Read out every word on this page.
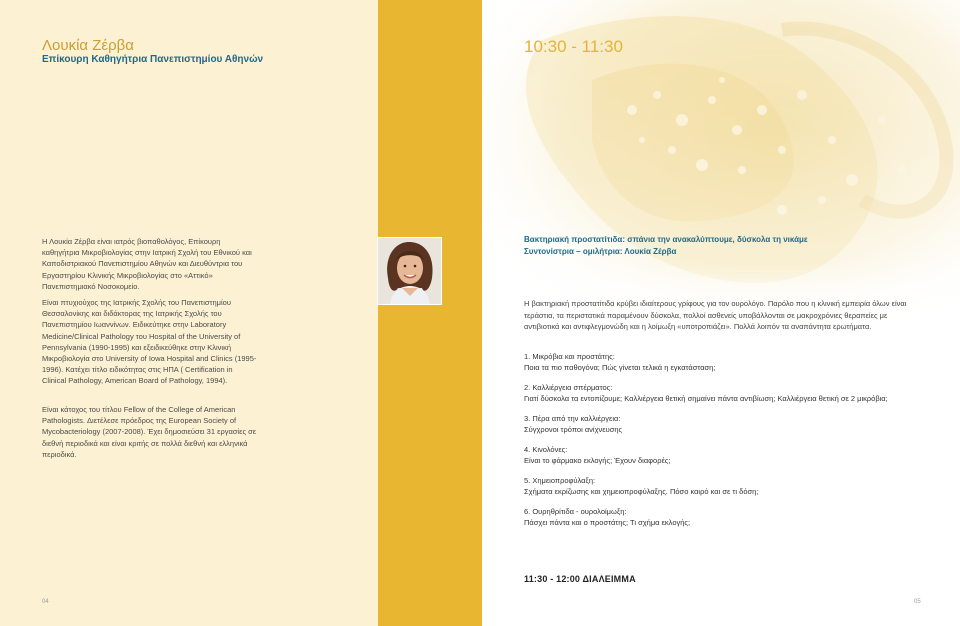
10:30 - 11:30
05
Λουκία Ζέρβα
Επίκουρη Καθηγήτρια Πανεπιστημίου Αθηνών

Η Λουκία Ζέρβα είναι ιατρός βιοπαθολόγος, Επίκουρη καθηγήτρια Μικροβιολογίας στην Ιατρική Σχολή του Εθνικού και Καποδιστριακού Πανεπιστημίου Αθηνών και Διευθύντρια του Εργαστηρίου Κλινικής Μικροβιολογίας στο «Αττικό» Πανεπιστημιακό Νοσοκομείο.

Είναι πτυχιούχος της Ιατρικής Σχολής του Πανεπιστημίου Θεσσαλονίκης και διδάκτορας της Ιατρικής Σχολής του Πανεπιστημίου Ιωαννίνων. Ειδικεύτηκε στην Laboratory Medicine/Clinical Pathology του Hospital of the University of Pennsylvania (1990-1995) και εξειδικεύθηκε στην Κλινική Μικροβιολογία στο University of Iowa Hospital and Clinics (1995-1996). Κατέχει τίτλο ειδικότητας στις ΗΠΑ ( Certification in Clinical Pathology, American Board of Pathology, 1994).

Είναι κάτοχος του τίτλου Fellow of the College of American Pathologists. Διετέλεσε πρόεδρος της European Society of Mycobacteriology (2007-2008). Έχει δημοσιεύσει 31 εργασίες σε διεθνή περιοδικά και είναι κριτής σε πολλά διεθνή και ελληνικά περιοδικά.

04
Βακτηριακή προστατίτιδα: σπάνια την ανακαλύπτουμε, δύσκολα τη νικάμε
Συντονίστρια – ομιλήτρια: Λουκία Ζέρβα
Η βακτηριακή προστατίτιδα κρύβει ιδιαίτερους γρίφους για τον ουρολόγο. Παρόλο που η κλινική εμπειρία όλων είναι τεράστια, τα περιστατικά παραμένουν δύσκολα, πολλοί ασθενείς υποβάλλονται σε μακροχρόνιες θεραπείες με αντιβιοτικά και αντιφλεγμονώδη και η λοίμωξη «υποτροπιάζει». Πολλά λοιπόν τα αναπάντητα ερωτήματα.
1. Μικρόβια και προστάτης:
Ποια τα πιο παθογόνα; Πώς γίνεται τελικά η εγκατάσταση;
2. Καλλιέργεια σπέρματος:
Γιατί δύσκολα τα εντοπίζουμε; Καλλιέργεια θετική σημαίνει πάντα αντιβίωση; Καλλιέργεια θετική σε 2 μικρόβια;
3. Πέρα από την καλλιέργεια:
Σύγχρονοι τρόποι ανίχνευσης
4. Κινολόνες:
Είναι το φάρμακο εκλογής; Έχουν διαφορές;
5. Χημειοπροφύλαξη:
Σχήματα εκρίζωσης και χημειοπροφύλαξης. Πόσο καιρό και σε τι δόση;
6. Ουρηθρίτιδα - ουρολοίμωξη:
Πάσχει πάντα και ο προστάτης; Τι σχήμα εκλογής;
11:30 - 12:00 ΔΙΑΛΕΙΜΜΑ
